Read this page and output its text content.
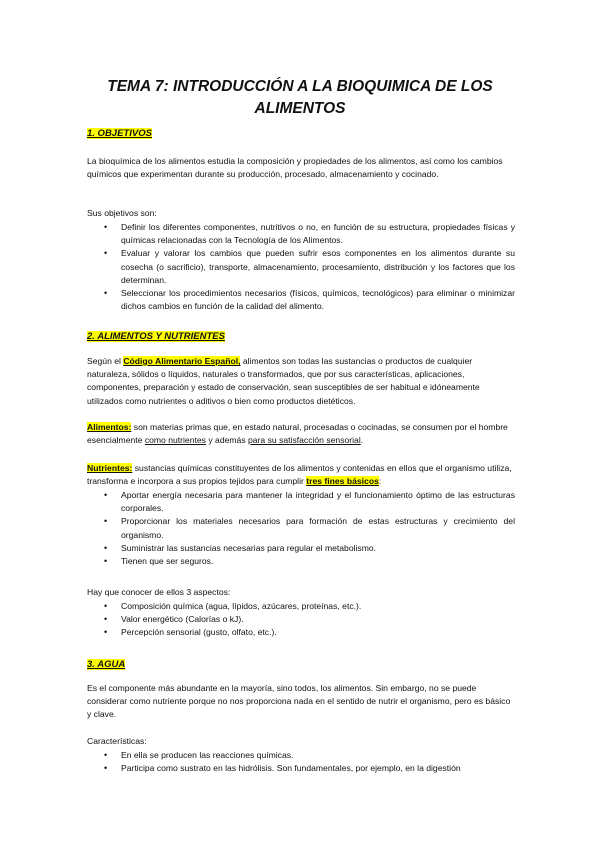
TEMA 7: INTRODUCCIÓN A LA BIOQUIMICA DE LOS ALIMENTOS
1. OBJETIVOS
La bioquímica de los alimentos estudia la composición y propiedades de los alimentos, así como los cambios químicos que experimentan durante su producción, procesado, almacenamiento y cocinado.
Sus objetivos son:
• Definir los diferentes componentes, nutritivos o no, en función de su estructura, propiedades físicas y químicas relacionadas con la Tecnología de los Alimentos.
• Evaluar y valorar los cambios que pueden sufrir esos componentes en los alimentos durante su cosecha (o sacrificio), transporte, almacenamiento, procesamiento, distribución y los factores que los determinan.
• Seleccionar los procedimientos necesarios (físicos, químicos, tecnológicos) para eliminar o minimizar dichos cambios en función de la calidad del alimento.
2. ALIMENTOS Y NUTRIENTES
Según el Código Alimentario Español, alimentos son todas las sustancias o productos de cualquier naturaleza, sólidos o líquidos, naturales o transformados, que por sus características, aplicaciones, componentes, preparación y estado de conservación, sean susceptibles de ser habitual e idóneamente utilizados como nutrientes o aditivos o bien como productos dietéticos.
Alimentos: son materias primas que, en estado natural, procesadas o cocinadas, se consumen por el hombre esencialmente como nutrientes y además para su satisfacción sensorial.
Nutrientes: sustancias químicas constituyentes de los alimentos y contenidas en ellos que el organismo utiliza, transforma e incorpora a sus propios tejidos para cumplir tres fines básicos:
• Aportar energía necesaria para mantener la integridad y el funcionamiento óptimo de las estructuras corporales.
• Proporcionar los materiales necesarios para formación de estas estructuras y crecimiento del organismo.
• Suministrar las sustancias necesarias para regular el metabolismo.
• Tienen que ser seguros.
Hay que conocer de ellos 3 aspectos:
• Composición química (agua, lípidos, azúcares, proteínas, etc.).
• Valor energético (Calorías o kJ).
• Percepción sensorial (gusto, olfato, etc.).
3. AGUA
Es el componente más abundante en la mayoría, sino todos, los alimentos. Sin embargo, no se puede considerar como nutriente porque no nos proporciona nada en el sentido de nutrir el organismo, pero es básico y clave.
Características:
• En ella se producen las reacciones químicas.
• Participa como sustrato en las hidrólisis. Son fundamentales, por ejemplo, en la digestión
